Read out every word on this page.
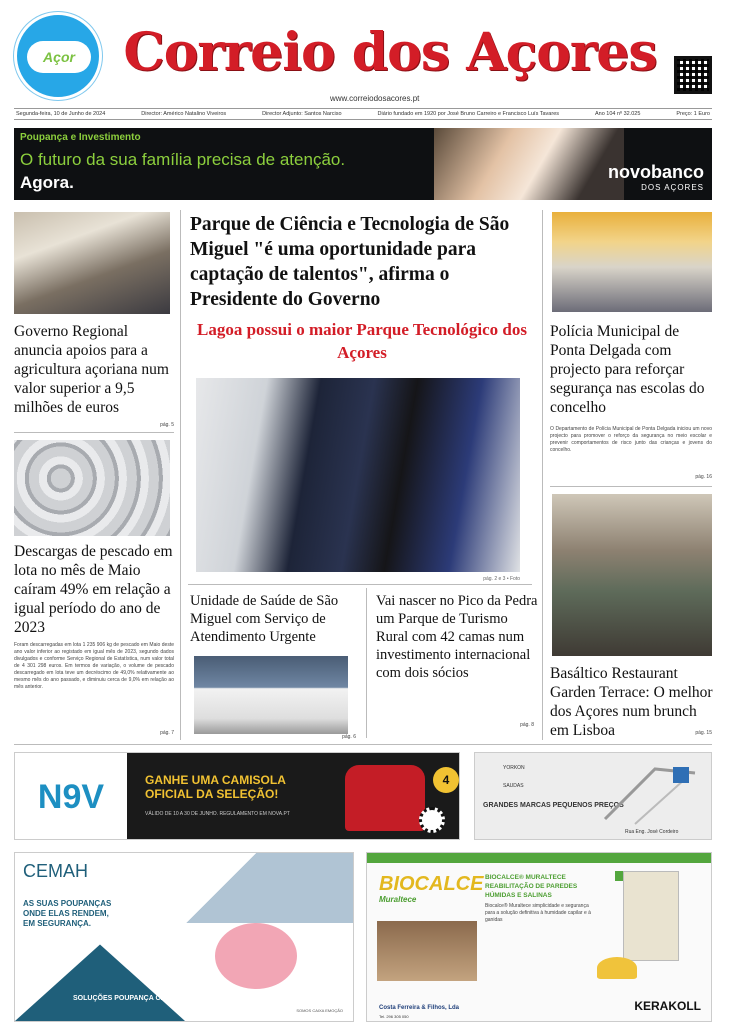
Açor Correio dos Açores
www.correiodosacores.pt
Segunda-feira, 10 de Junho de 2024	Director: Américo Natalino Viveiros	Director Adjunto: Santos Narciso	Diário fundado em 1920 por José Bruno Carreiro e Francisco Luís Tavares	Ano 104 nº 32.025	Preço: 1 Euro
Poupança e Investimento
O futuro da sua família precisa de atenção.
Agora.
novobanco
DOS AÇORES
Governo Regional anuncia apoios para a agricultura açoriana num valor superior a 9,5 milhões de euros
pág. 5
Descargas de pescado em lota no mês de Maio caíram 49% em relação a igual período do ano de 2023
Foram descarregadas em lota 1 235 906 kg de pescado em Maio deste ano valor inferior ao registado em igual mês de 2023, segundo dados divulgados e conforme Serviço Regional de Estatística, num valor total de 4 301 298 euros. Em termos de variação, o volume de pescado descarregado em lota teve um decréscimo de 49,0% relativamente ao mesmo mês do ano passado, e diminuiu cerca de 9,0% em relação ao mês anterior.
pág. 7
Parque de Ciência e Tecnologia de São Miguel "é uma oportunidade para captação de talentos", afirma o Presidente do Governo
Lagoa possui o maior Parque Tecnológico dos Açores
pág. 2 e 3 • Foto
Unidade de Saúde de São Miguel com Serviço de Atendimento Urgente
pág. 6
Vai nascer no Pico da Pedra um Parque de Turismo Rural com 42 camas num investimento internacional com dois sócios
pág. 8
Polícia Municipal de Ponta Delgada com projecto para reforçar segurança nas escolas do concelho
O Departamento de Polícia Municipal de Ponta Delgada iniciou um novo projecto para promover o reforço da segurança no meio escolar e prevenir comportamentos de risco junto das crianças e jovens do concelho.
pág. 16
Basáltico Restaurant Garden Terrace: O melhor dos Açores num brunch em Lisboa	pág. 15
N9V	GANHE UMA CAMISOLA OFICIAL DA SELEÇÃO!
VÁLIDO DE 10 A 30 DE JUNHO. REGULAMENTO EM NOVA.PT
4
YORKON
SAUDAS
GRANDES MARCAS PEQUENOS PREÇOS
Rua Eng. José Cordeiro
CEMAH
AS SUAS POUPANÇAS ONDE ELAS RENDEM, EM SEGURANÇA.
SOLUÇÕES POUPANÇA CEMAH
SOMOS CAIXA EMOÇÃO
BIOCALCE
Muraltece
BIOCALCE® MURALTECE REABILITAÇÃO DE PAREDES HÚMIDAS E SALINAS
Biocalce® Muraltece simplicidade e segurança para a solução definitiva à humidade capilar e à ganidas
Costa Ferreira & Filhos, Lda
Tel. 296 305 050
KERAKOLL
